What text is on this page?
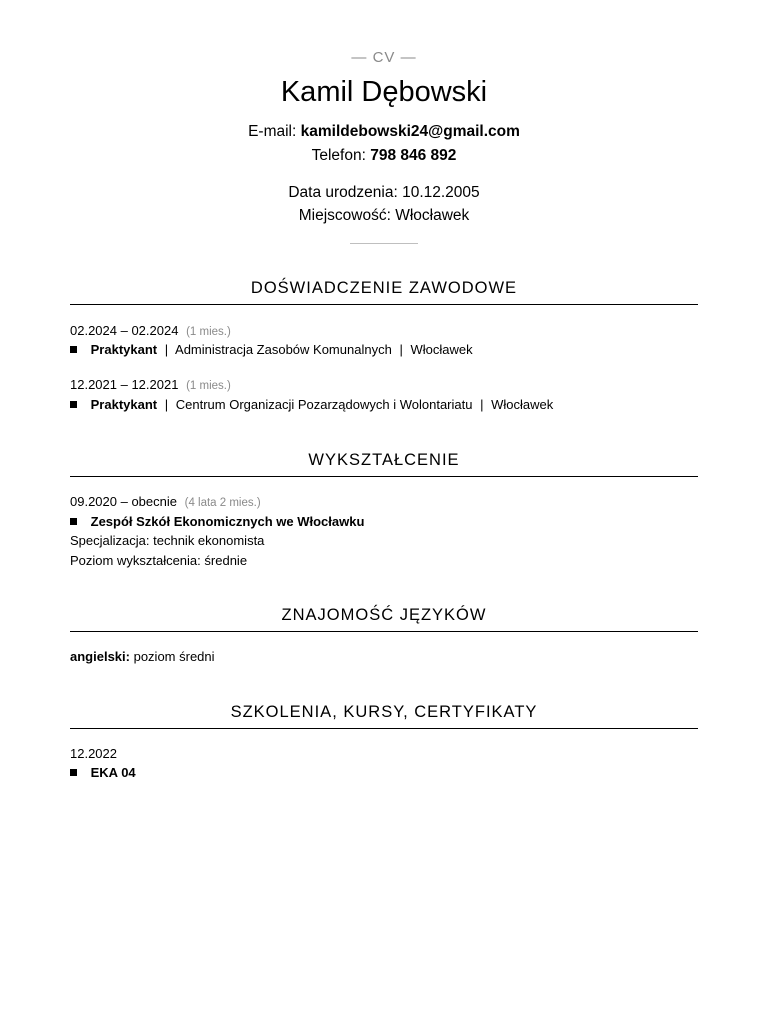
— CV —
Kamil Dębowski
E-mail: kamildebowski24@gmail.com
Telefon: 798 846 892
Data urodzenia: 10.12.2005
Miejscowość: Włocławek
DOŚWIADCZENIE ZAWODOWE
02.2024 – 02.2024 (1 mies.)
Praktykant | Administracja Zasobów Komunalnych | Włocławek
12.2021 – 12.2021 (1 mies.)
Praktykant | Centrum Organizacji Pozarządowych i Wolontariatu | Włocławek
WYKSZTAŁCENIE
09.2020 – obecnie (4 lata 2 mies.)
Zespół Szkół Ekonomicznych we Włocławku
Specjalizacja: technik ekonomista
Poziom wykształcenia: średnie
ZNAJOMOŚĆ JĘZYKÓW
angielski: poziom średni
SZKOLENIA, KURSY, CERTYFIKATY
12.2022
EKA 04
